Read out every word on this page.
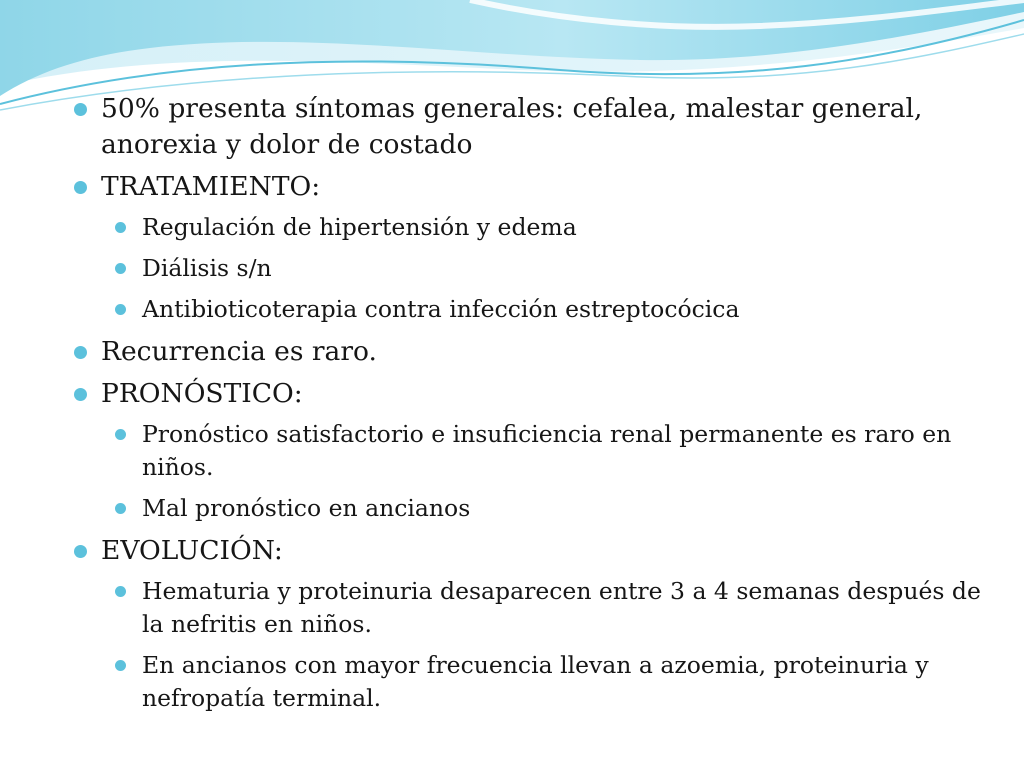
50% presenta síntomas generales: cefalea, malestar general, anorexia y dolor de costado
TRATAMIENTO:
Regulación de hipertensión y edema
Diálisis s/n
Antibioticoterapia contra infección estreptocócica
Recurrencia es raro.
PRONÓSTICO:
Pronóstico satisfactorio e insuficiencia renal permanente es raro en niños.
Mal pronóstico en ancianos
EVOLUCIÓN:
Hematuria y proteinuria desaparecen entre 3 a 4 semanas después de la nefritis en niños.
En ancianos con mayor frecuencia llevan a azoemia, proteinuria y nefropatía terminal.
